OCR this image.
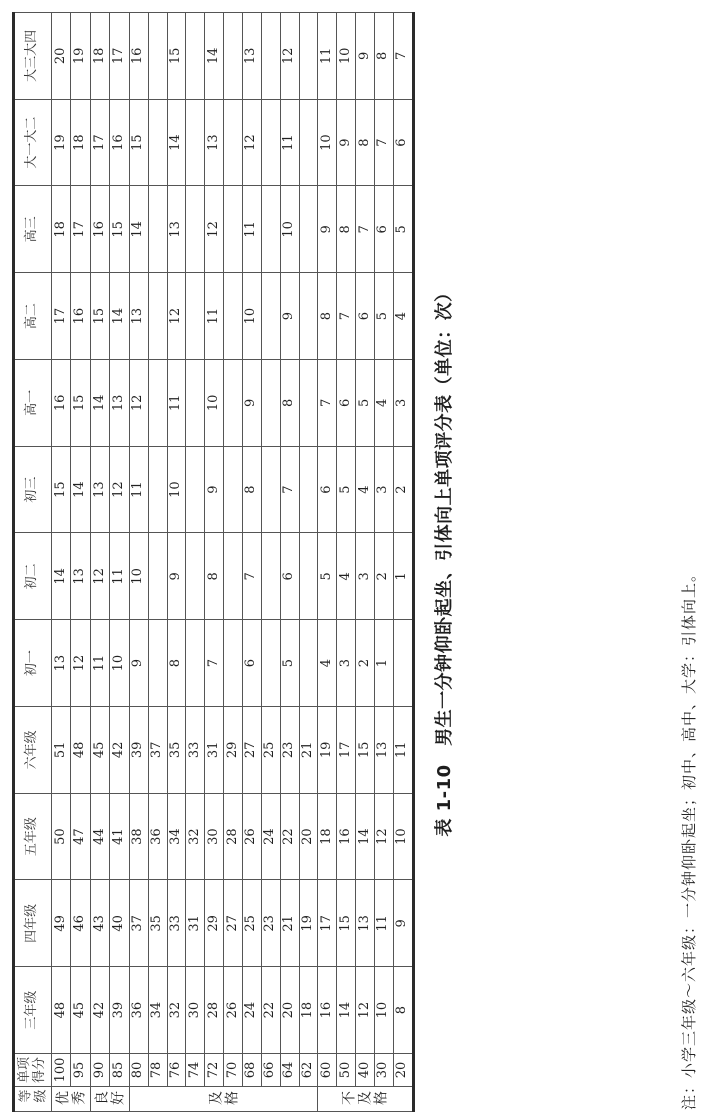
等级	单项得分	三年级	四年级	五年级	六年级	初一	初二	初三	高一	高二	高三	大一大二	大三大四
优秀	100	48	49	50	51	13	14	15	16	17	18	19	20
	95	45	46	47	48	12	13	14	15	16	17	18	19
良好	90	42	43	44	45	11	12	13	14	15	16	17	18
	85	39	40	41	42	10	11	12	13	14	15	16	17
及格	80	36	37	38	39	9	10	11	12	13	14	15	16
	78	34	35	36	37								
	76	32	33	34	35	8	9	10	11	12	13	14	15
	74	30	31	32	33								
	72	28	29	30	31	7	8	9	10	11	12	13	14
	70	26	27	28	29								
	68	24	25	26	27	6	7	8	9	10	11	12	13
	66	22	23	24	25								
	64	20	21	22	23	5	6	7	8	9	10	11	12
	62	18	19	20	21								
不及格	60	16	17	18	19	4	5	6	7	8	9	10	11
	50	14	15	16	17	3	4	5	6	7	8	9	10
	40	12	13	14	15	2	3	4	5	6	7	8	9
	30	10	11	12	13	1	2	3	4	5	6	7	8
	20	8	9	10	11		1	2	3	4	5	6	7
表 1-10　男生一分钟仰卧起坐、引体向上单项评分表（单位：次）
注：小学三年级～六年级：一分钟仰卧起坐；初中、高中、大学：引体向上。
